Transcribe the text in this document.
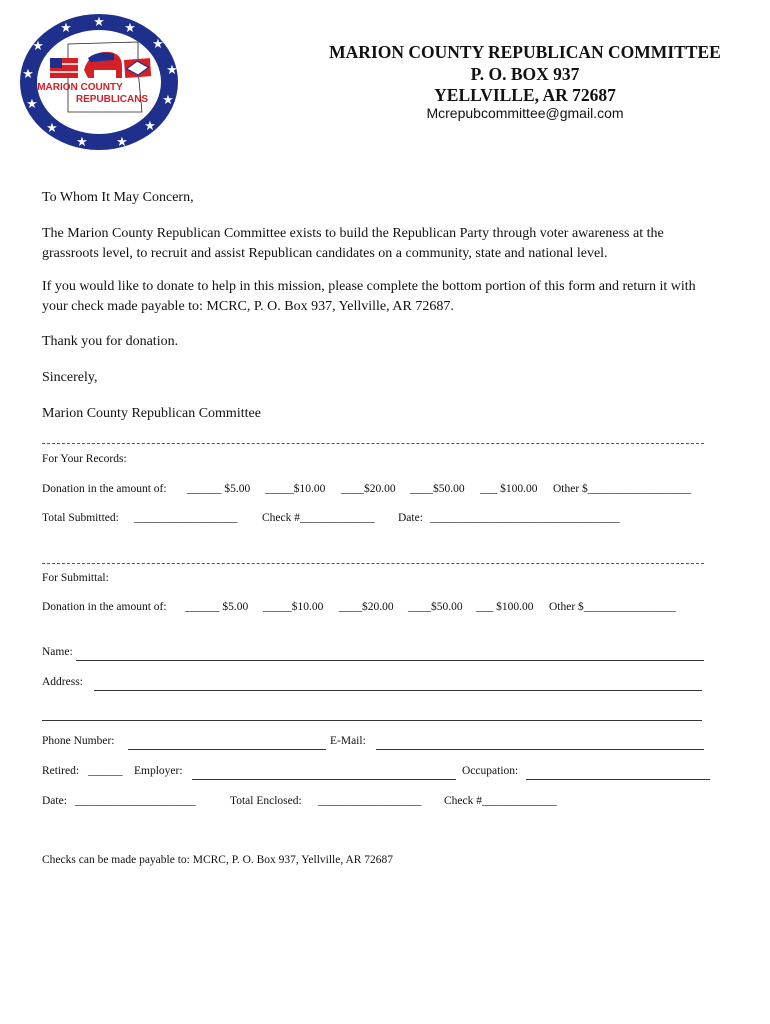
★ ★
★
★
★
★
★
★
★
★
★
★
★
MARION COUNTY
REPUBLICANS
MARION COUNTY REPUBLICAN COMMITTEE
P. O. BOX 937
YELLVILLE, AR 72687
Mcrepubcommittee@gmail.com
To Whom It May Concern,
The Marion County Republican Committee exists to build the Republican Party through voter awareness at the grassroots level, to recruit and assist Republican candidates on a community, state and national level.
If you would like to donate to help in this mission, please complete the bottom portion of this form and return it with your check made payable to: MCRC, P. O. Box 937, Yellville, AR 72687.
Thank you for donation.
Sincerely,
Marion County Republican Committee
For Your Records:
Donation in the amount of: ______ $5.00 _____$10.00 ____$20.00 ____$50.00 ___ $100.00 Other $__________________
Total Submitted: __________________ Check #_____________ Date: _________________________________
For Submittal:
Donation in the amount of: ______ $5.00 _____$10.00 ____$20.00 ____$50.00 ___ $100.00 Other $________________
Name:
Address:
Phone Number:	E-Mail:
Retired: ______ Employer:	Occupation:
Date: _____________________	Total Enclosed: __________________ Check #_____________
Checks can be made payable to: MCRC, P. O. Box 937, Yellville, AR 72687
